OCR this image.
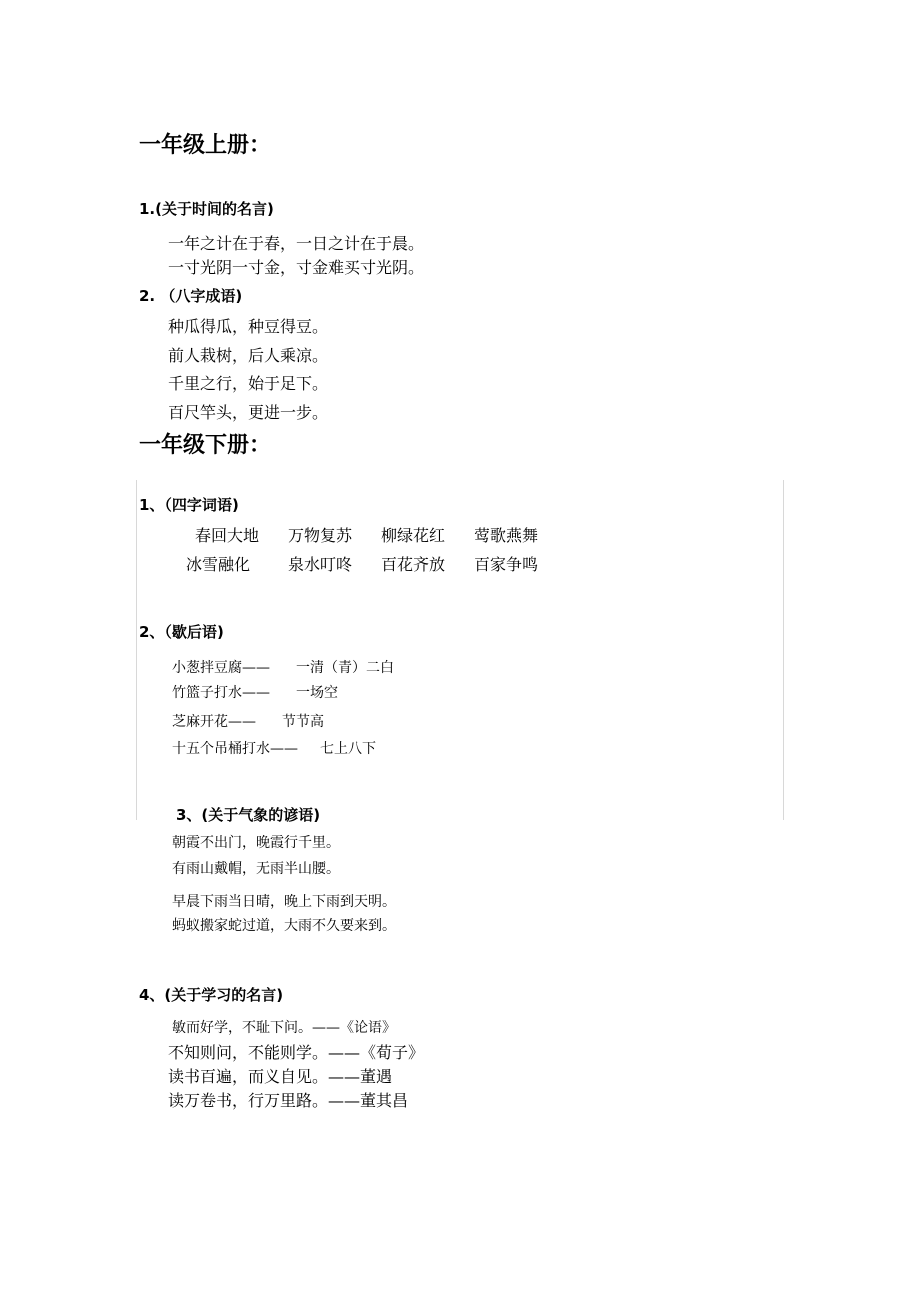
一年级上册：
1.(关于时间的名言)
一年之计在于春，一日之计在于晨。
一寸光阴一寸金，寸金难买寸光阴。
2. （八字成语)
种瓜得瓜，种豆得豆。
前人栽树，后人乘凉。
千里之行，始于足下。
百尺竿头，更进一步。
一年级下册：
1、（四字词语)
春回大地 万物复苏 柳绿花红 莺歌燕舞
冰雪融化 泉水叮咚 百花齐放 百家争鸣
2、（歇后语)
小葱拌豆腐—— 一清（青）二白
竹篮子打水—— 一场空
芝麻开花—— 节节高
十五个吊桶打水—— 七上八下
3、(关于气象的谚语)
朝霞不出门，晚霞行千里。
有雨山戴帽，无雨半山腰。
早晨下雨当日晴，晚上下雨到天明。
蚂蚁搬家蛇过道，大雨不久要来到。
4、(关于学习的名言)
敏而好学，不耻下问。——《论语》
不知则问，不能则学。——《荀子》
读书百遍，而义自见。——董遇
读万卷书，行万里路。——董其昌
